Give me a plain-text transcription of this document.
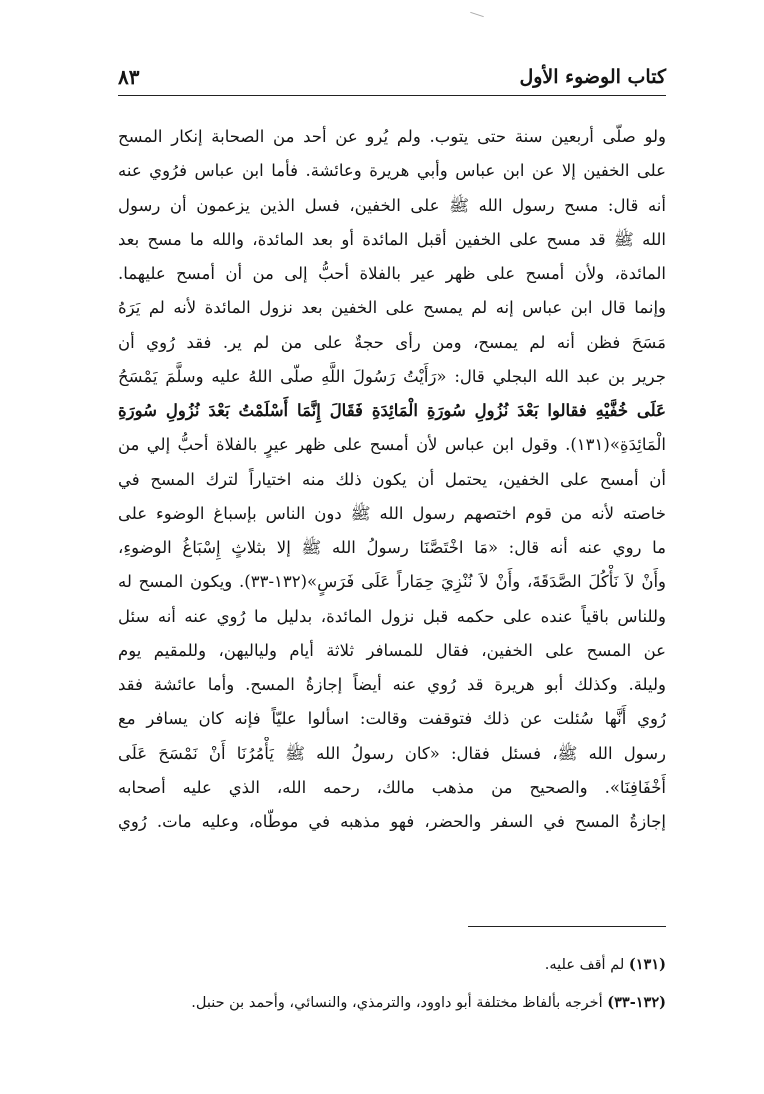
كتاب الوضوء الأول
٨٣
ولو صلّى أربعين سنة حتى يتوب. ولم يُرو عن أحد من الصحابة إنكار المسح
على الخفين إلا عن ابن عباس وأبي هريرة وعائشة. فأما ابن عباس فرُوي عنه
أنه قال: مسح رسول الله ﷺ على الخفين، فسل الذين يزعمون أن رسول
الله ﷺ قد مسح على الخفين أقبل المائدة أو بعد المائدة، والله ما مسح بعد
المائدة، ولأن أمسح على ظهر عير بالفلاة أحبُّ إلى من أن أمسح عليهما.
وإنما قال ابن عباس إنه لم يمسح على الخفين بعد نزول المائدة لأنه لم يَرَهُ
مَسَحَ فظن أنه لم يمسح، ومن رأى حجةٌ على من لم ير. فقد رُوي أن
جرير بن عبد الله البجلي قال: «رَأَيْتُ رَسُولَ اللَّهِ صلّى اللهُ عليه وسلَّمَ يَمْسَحُ
عَلَى خُفَّيْهِ فقالوا بَعْدَ نُزُولِ سُورَةِ الْمَائِدَةِ فَقَالَ إِنَّمَا أَسْلَمْتُ بَعْدَ نُزُولِ سُورَةِ
الْمَائِدَةِ»(١٣١). وقول ابن عباس لأن أمسح على ظهر عيرٍ بالفلاة أحبُّ إلي من
أن أمسح على الخفين، يحتمل أن يكون ذلك منه اختياراً لترك المسح في
خاصته لأنه من قوم اختصهم رسول الله ﷺ دون الناس بإسباغ الوضوء على
ما روي عنه أنه قال: «مَا اخْتَصَّنَا رسولُ الله ﷺ إلا بثلاثٍ إِسْبَاغُ الوضوءِ،
وأَنْ لاَ نَأْكُلَ الصَّدَقَةَ، وأَنْ لاَ نُنْزِيَ حِمَاراً عَلَى فَرَسٍ»(١٣٢-٣٣). ويكون المسح له
وللناس باقياً عنده على حكمه قبل نزول المائدة، بدليل ما رُوي عنه أنه سئل
عن المسح على الخفين، فقال للمسافر ثلاثة أيام ولياليهن، وللمقيم يوم
وليلة. وكذلك أبو هريرة قد رُوي عنه أيضاً إجازةُ المسح. وأما عائشة فقد
رُوي أَنَّها سُئلت عن ذلك فتوقفت وقالت: اسألوا عليّاً فإنه كان يسافر مع
رسول الله ﷺ، فسئل فقال: «كان رسولُ الله ﷺ يَأْمُرُنَا أَنْ نَمْسَحَ عَلَى
أَخْفَافِنَا». والصحيح من مذهب مالك، رحمه الله، الذي عليه أصحابه
إجازةُ المسح في السفر والحضر، فهو مذهبه في موطّاه، وعليه مات. رُوي
(١٣١) لم أقف عليه.
(١٣٢-٣٣) أخرجه بألفاظ مختلفة أبو داوود، والترمذي، والنسائي، وأحمد بن حنبل.
